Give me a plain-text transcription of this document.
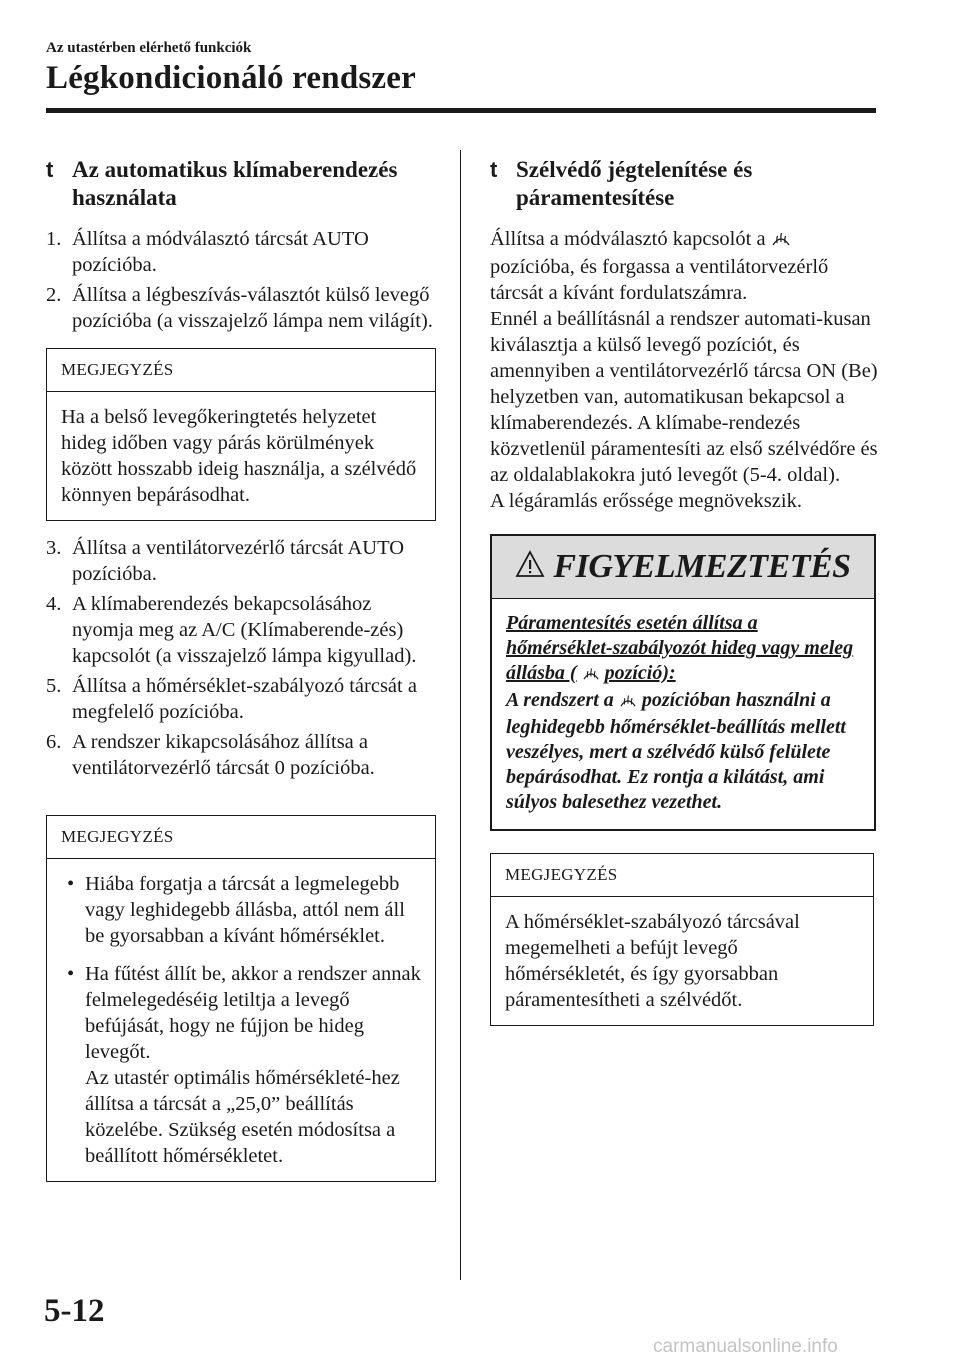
Az utastérben elérhető funkciók
Légkondicionáló rendszer
t Az automatikus klímaberendezés használata
1. Állítsa a módválasztó tárcsát AUTO pozícióba.
2. Állítsa a légbeszívás-választót külső levegő pozícióba (a visszajelző lámpa nem világít).
MEGJEGYZÉS
Ha a belső levegőkeringtetés helyzetet hideg időben vagy párás körülmények között hosszabb ideig használja, a szélvédő könnyen bepárásodhat.
3. Állítsa a ventilátorvezérlő tárcsát AUTO pozícióba.
4. A klímaberendezés bekapcsolásához nyomja meg az A/C (Klímaberende-zés) kapcsolót (a visszajelző lámpa kigyullad).
5. Állítsa a hőmérséklet-szabályozó tárcsát a megfelelő pozícióba.
6. A rendszer kikapcsolásához állítsa a ventilátorvezérlő tárcsát 0 pozícióba.
MEGJEGYZÉS
• Hiába forgatja a tárcsát a legmelegebb vagy leghidegebb állásba, attól nem áll be gyorsabban a kívánt hőmérséklet.
• Ha fűtést állít be, akkor a rendszer annak felmelegedéséig letiltja a levegő befújását, hogy ne fújjon be hideg levegőt.
Az utastér optimális hőmérsékleté-hez állítsa a tárcsát a „25,0” beállítás közelébe. Szükség esetén módosítsa a beállított hőmérsékletet.
t Szélvédő jégtelenítése és páramentesítése
Állítsa a módválasztó kapcsolót a  pozícióba, és forgassa a ventilátorvezérlő tárcsát a kívánt fordulatszámra.
Ennél a beállításnál a rendszer automati-kusan kiválasztja a külső levegő pozíciót, és amennyiben a ventilátorvezérlő tárcsa ON (Be) helyzetben van, automatikusan bekapcsol a klímaberendezés. A klímabe-rendezés közvetlenül páramentesíti az első szélvédőre és az oldalablakokra jutó levegőt (5-4. oldal).
A légáramlás erőssége megnövekszik.
FIGYELMEZTETÉS
Páramentesítés esetén állítsa a hőmérséklet-szabályozót hideg vagy meleg állásba ( pozíció):
A rendszert a pozícióban használni a leghidegebb hőmérséklet-beállítás mellett veszélyes, mert a szélvédő külső felülete bepárásodhat. Ez rontja a kilátást, ami súlyos balesethez vezethet.
MEGJEGYZÉS
A hőmérséklet-szabályozó tárcsával megemelheti a befújt levegő hőmérsékletét, és így gyorsabban páramentesítheti a szélvédőt.
5-12
carmanualsonline.info
